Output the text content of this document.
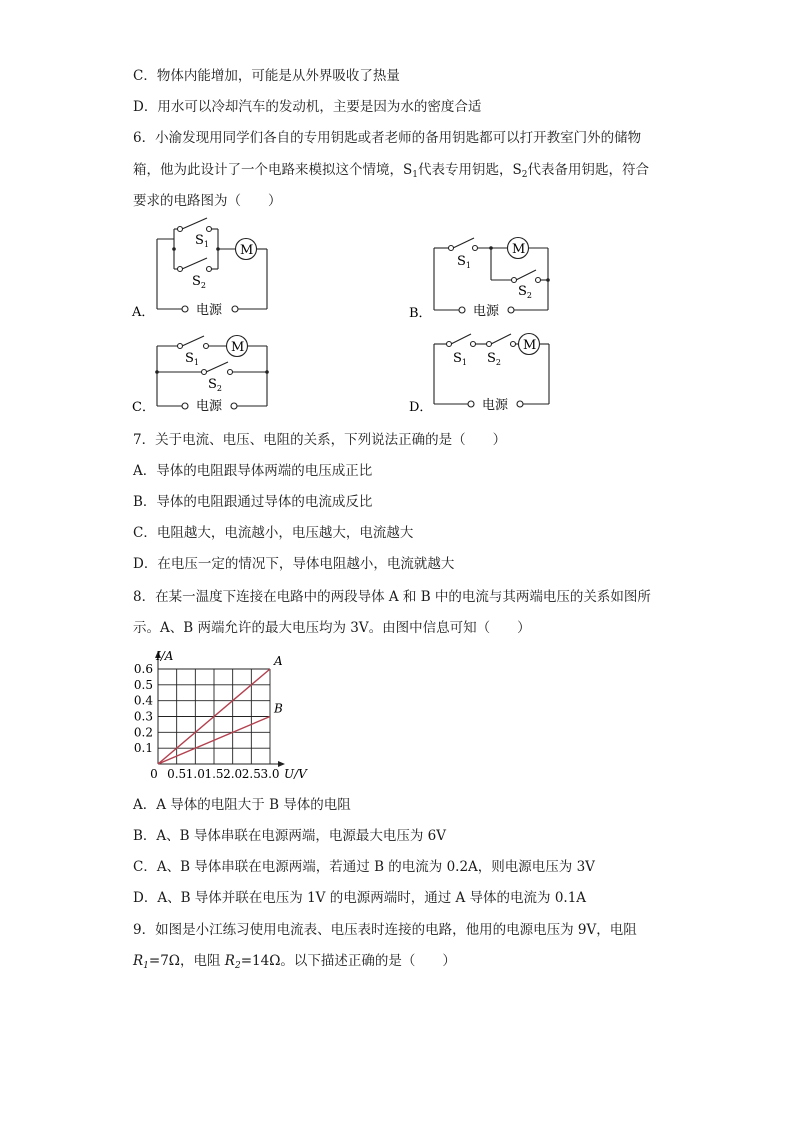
C．物体内能增加，可能是从外界吸收了热量
D．用水可以冷却汽车的发动机，主要是因为水的密度合适
6．小渝发现用同学们各自的专用钥匙或者老师的备用钥匙都可以打开教室门外的储物
箱，他为此设计了一个电路来模拟这个情境，$S_1$代表专用钥匙，$S_2$代表备用钥匙，符合
要求的电路图为（　　）
M
$S_1$
$S_2$
电源
A．
M
$S_1$
$S_2$
电源
B．
M
$S_1$
$S_2$
电源
C．
M
$S_1$ $S_2$
电源
D．
7．关于电流、电压、电阻的关系，下列说法正确的是（　　）
A．导体的电阻跟导体两端的电压成正比
B．导体的电阻跟通过导体的电流成反比
C．电阻越大，电流越小，电压越大，电流越大
D．在电压一定的情况下，导体电阻越小，电流就越大
8．在某一温度下连接在电路中的两段导体 A 和 B 中的电流与其两端电压的关系如图所
示。A、B 两端允许的最大电压均为 3V。由图中信息可知（　　）
I/A
U/V
0.1
0.2
0.3
0.4
0.5
0.6
0 0.5 1.0 1.5 2.0 2.5 3.0
A
B
A．A 导体的电阻大于 B 导体的电阻
B．A、B 导体串联在电源两端，电源最大电压为 6V
C．A、B 导体串联在电源两端，若通过 B 的电流为 0.2A，则电源电压为 3V
D．A、B 导体并联在电压为 1V 的电源两端时，通过 A 导体的电流为 0.1A
9．如图是小江练习使用电流表、电压表时连接的电路，他用的电源电压为 9V，电阻
$R_1=7\Omega$，电阻 $R_2=14\Omega$。以下描述正确的是（　　）
